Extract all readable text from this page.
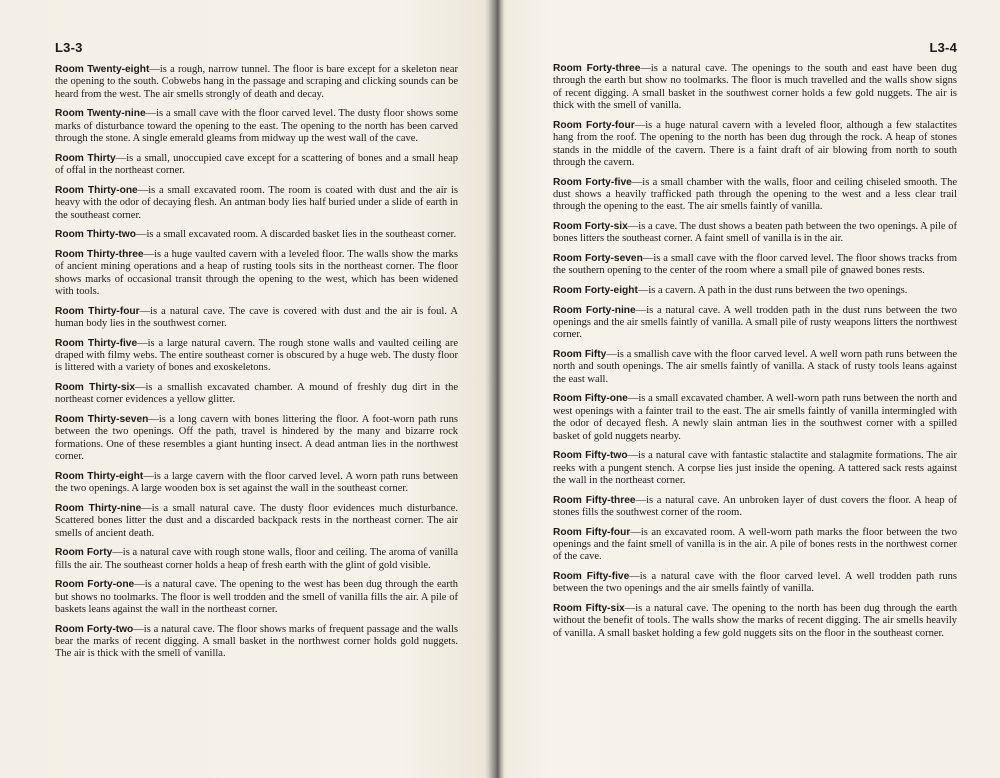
L3-3

Room Twenty-eight—is a rough, narrow tunnel. The floor is bare except for a skeleton near the opening to the south. Cobwebs hang in the passage and scraping and clicking sounds can be heard from the west. The air smells strongly of death and decay.

Room Twenty-nine—is a small cave with the floor carved level. The dusty floor shows some marks of disturbance toward the opening to the east. The opening to the north has been carved through the stone. A single emerald gleams from midway up the west wall of the cave.

Room Thirty—is a small, unoccupied cave except for a scattering of bones and a small heap of offal in the northeast corner.

Room Thirty-one—is a small excavated room. The room is coated with dust and the air is heavy with the odor of decaying flesh. An antman body lies half buried under a slide of earth in the southeast corner.

Room Thirty-two—is a small excavated room. A discarded basket lies in the southeast corner.

Room Thirty-three—is a huge vaulted cavern with a leveled floor. The walls show the marks of ancient mining operations and a heap of rusting tools sits in the northeast corner. The floor shows marks of occasional transit through the opening to the west, which has been widened with tools.

Room Thirty-four—is a natural cave. The cave is covered with dust and the air is foul. A human body lies in the southwest corner.

Room Thirty-five—is a large natural cavern. The rough stone walls and vaulted ceiling are draped with filmy webs. The entire southeast corner is obscured by a huge web. The dusty floor is littered with a variety of bones and exoskeletons.

Room Thirty-six—is a smallish excavated chamber. A mound of freshly dug dirt in the northeast corner evidences a yellow glitter.

Room Thirty-seven—is a long cavern with bones littering the floor. A foot-worn path runs between the two openings. Off the path, travel is hindered by the many and bizarre rock formations. One of these resembles a giant hunting insect. A dead antman lies in the northwest corner.

Room Thirty-eight—is a large cavern with the floor carved level. A worn path runs between the two openings. A large wooden box is set against the wall in the southeast corner.

Room Thirty-nine—is a small natural cave. The dusty floor evidences much disturbance. Scattered bones litter the dust and a discarded backpack rests in the northeast corner. The air smells of ancient death.

Room Forty—is a natural cave with rough stone walls, floor and ceiling. The aroma of vanilla fills the air. The southeast corner holds a heap of fresh earth with the glint of gold visible.

Room Forty-one—is a natural cave. The opening to the west has been dug through the earth but shows no toolmarks. The floor is well trodden and the smell of vanilla fills the air. A pile of baskets leans against the wall in the northeast corner.

Room Forty-two—is a natural cave. The floor shows marks of frequent passage and the walls bear the marks of recent digging. A small basket in the northwest corner holds gold nuggets. The air is thick with the smell of vanilla.

L3-4

Room Forty-three—is a natural cave. The openings to the south and east have been dug through the earth but show no toolmarks. The floor is much travelled and the walls show signs of recent digging. A small basket in the southwest corner holds a few gold nuggets. The air is thick with the smell of vanilla.

Room Forty-four—is a huge natural cavern with a leveled floor, although a few stalactites hang from the roof. The opening to the north has been dug through the rock. A heap of stones stands in the middle of the cavern. There is a faint draft of air blowing from north to south through the cavern.

Room Forty-five—is a small chamber with the walls, floor and ceiling chiseled smooth. The dust shows a heavily trafficked path through the opening to the west and a less clear trail through the opening to the east. The air smells faintly of vanilla.

Room Forty-six—is a cave. The dust shows a beaten path between the two openings. A pile of bones litters the southeast corner. A faint smell of vanilla is in the air.

Room Forty-seven—is a small cave with the floor carved level. The floor shows tracks from the southern opening to the center of the room where a small pile of gnawed bones rests.

Room Forty-eight—is a cavern. A path in the dust runs between the two openings.

Room Forty-nine—is a natural cave. A well trodden path in the dust runs between the two openings and the air smells faintly of vanilla. A small pile of rusty weapons litters the northwest corner.

Room Fifty—is a smallish cave with the floor carved level. A well worn path runs between the north and south openings. The air smells faintly of vanilla. A stack of rusty tools leans against the east wall.

Room Fifty-one—is a small excavated chamber. A well-worn path runs between the north and west openings with a fainter trail to the east. The air smells faintly of vanilla intermingled with the odor of decayed flesh. A newly slain antman lies in the southwest corner with a spilled basket of gold nuggets nearby.

Room Fifty-two—is a natural cave with fantastic stalactite and stalagmite formations. The air reeks with a pungent stench. A corpse lies just inside the opening. A tattered sack rests against the wall in the northeast corner.

Room Fifty-three—is a natural cave. An unbroken layer of dust covers the floor. A heap of stones fills the southwest corner of the room.

Room Fifty-four—is an excavated room. A well-worn path marks the floor between the two openings and the faint smell of vanilla is in the air. A pile of bones rests in the northwest corner of the cave.

Room Fifty-five—is a natural cave with the floor carved level. A well trodden path runs between the two openings and the air smells faintly of vanilla.

Room Fifty-six—is a natural cave. The opening to the north has been dug through the earth without the benefit of tools. The walls show the marks of recent digging. The air smells heavily of vanilla. A small basket holding a few gold nuggets sits on the floor in the southeast corner.
